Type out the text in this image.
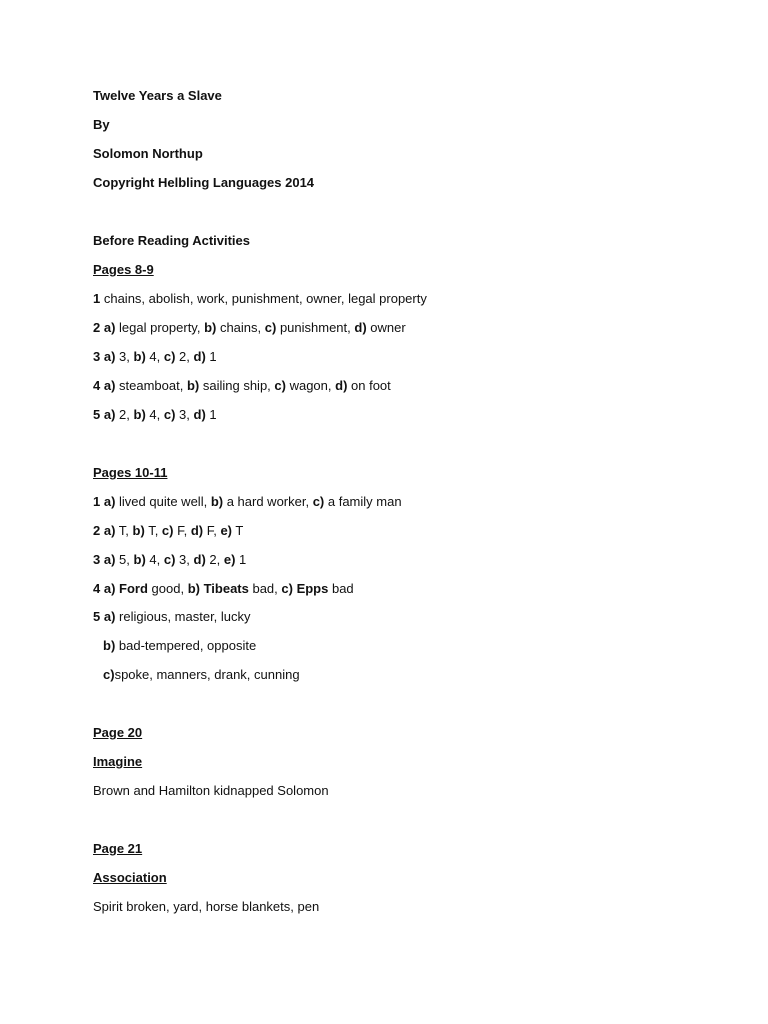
Twelve Years a Slave
By
Solomon Northup
Copyright Helbling Languages 2014
Before Reading Activities
Pages 8-9
1 chains, abolish, work, punishment, owner, legal property
2 a) legal property, b) chains, c) punishment, d) owner
3 a) 3, b) 4, c) 2, d) 1
4 a) steamboat, b) sailing ship, c) wagon, d) on foot
5 a) 2, b) 4, c) 3, d) 1
Pages 10-11
1 a) lived quite well, b) a hard worker, c) a family man
2 a) T, b) T, c) F, d) F, e) T
3 a) 5, b) 4, c) 3, d) 2, e) 1
4 a) Ford good, b) Tibeats bad, c) Epps bad
5 a) religious, master, lucky
b) bad-tempered, opposite
c)spoke, manners, drank, cunning
Page 20
Imagine
Brown and Hamilton kidnapped Solomon
Page 21
Association
Spirit broken, yard, horse blankets, pen
